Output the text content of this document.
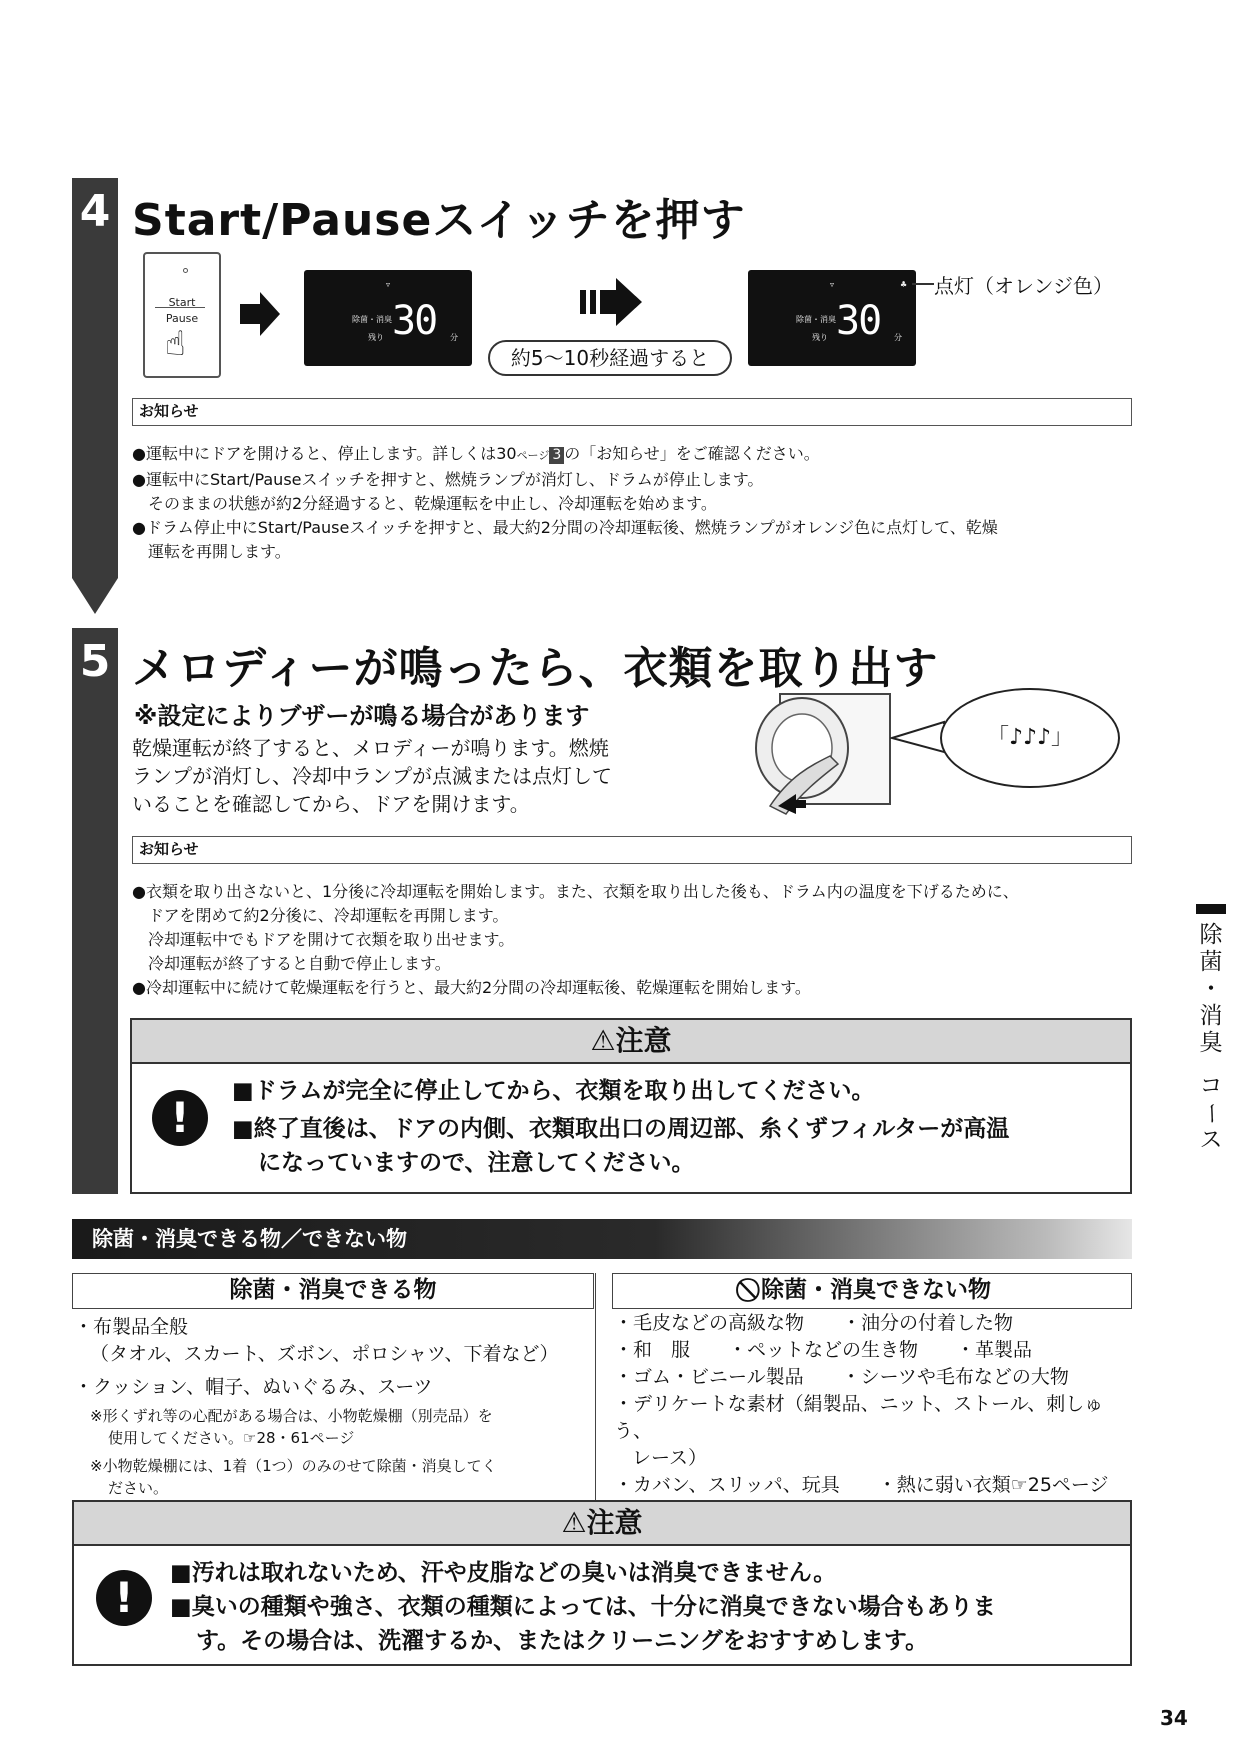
4 Start/Pauseスイッチを押す
Start
Pause
☝
▿
除菌・消臭
残り 30 分
約5～10秒経過すると
▿	♣
除菌・消臭
残り 30 分
点灯（オレンジ色）
お知らせ

●運転中にドアを開けると、停止します。詳しくは30ページ 3 の「お知らせ」をご確認ください。

●運転中にStart/Pauseスイッチを押すと、燃焼ランプが消灯し、ドラムが停止します。

そのままの状態が約2分経過すると、乾燥運転を中止し、冷却運転を始めます。

●ドラム停止中にStart/Pauseスイッチを押すと、最大約2分間の冷却運転後、燃焼ランプがオレンジ色に点灯して、乾燥

運転を再開します。

5 メロディーが鳴ったら、衣類を取り出す
※設定によりブザーが鳴る場合があります
乾燥運転が終了すると、メロディーが鳴ります。燃焼
ランプが消灯し、冷却中ランプが点滅または点灯して
いることを確認してから、ドアを開けます。
「♪♪♪」
お知らせ

●衣類を取り出さないと、1分後に冷却運転を開始します。また、衣類を取り出した後も、ドラム内の温度を下げるために、

ドアを閉めて約2分後に、冷却運転を再開します。

冷却運転中でもドアを開けて衣類を取り出せます。

冷却運転が終了すると自動で停止します。

●冷却運転中に続けて乾燥運転を行うと、最大約2分間の冷却運転後、乾燥運転を開始します。

⚠注意
!
■ドラムが完全に停止してから、衣類を取り出してください。
■終了直後は、ドアの内側、衣類取出口の周辺部、糸くずフィルターが高温
になっていますので、注意してください。
除菌・消臭できる物／できない物
除菌・消臭できる物	⃠ 除菌・消臭できない物
・布製品全般
（タオル、スカート、ズボン、ポロシャツ、下着など）
・クッション、帽子、ぬいぐるみ、スーツ
※形くずれ等の心配がある場合は、小物乾燥棚（別売品）を
使用してください。☞28・61ページ
※小物乾燥棚には、1着（1つ）のみのせて除菌・消臭してく
ださい。
・毛皮などの高級な物　　・油分の付着した物
・和　服　　・ペットなどの生き物　　・革製品
・ゴム・ビニール製品　　・シーツや毛布などの大物
・デリケートな素材（絹製品、ニット、ストール、刺しゅう、
レース）
・カバン、スリッパ、玩具　　・熱に弱い衣類☞25ページ
⚠注意
!	■汚れは取れないため、汗や皮脂などの臭いは消臭できません。
■臭いの種類や強さ、衣類の種類によっては、十分に消臭できない場合もありま
す。その場合は、洗濯するか、またはクリーニングをおすすめします。
除
菌
・
消
臭
コ
ー
ス
34
